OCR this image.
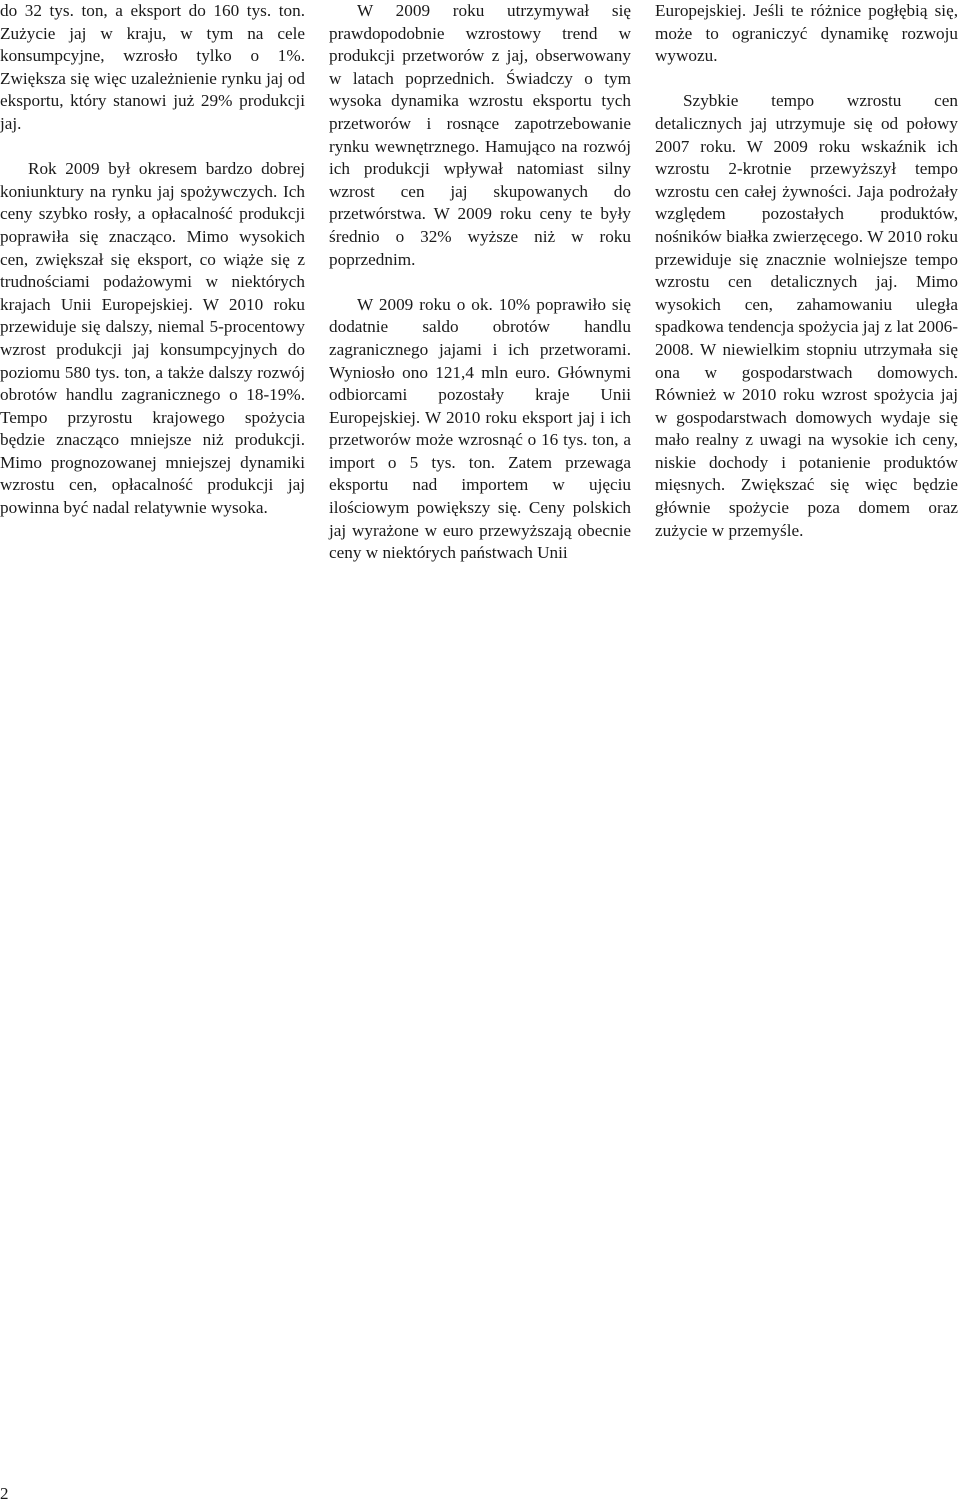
do 32 tys. ton, a eksport do 160 tys. ton. Zużycie jaj w kraju, w tym na cele konsumpcyjne, wzrosło tylko o 1%. Zwiększa się więc uzależnienie rynku jaj od eksportu, który stanowi już 29% produkcji jaj.

Rok 2009 był okresem bardzo dobrej koniunktury na rynku jaj spożywczych. Ich ceny szybko rosły, a opłacalność produkcji poprawiła się znacząco. Mimo wysokich cen, zwiększał się eksport, co wiąże się z trudnościami podażowymi w niektórych krajach Unii Europejskiej. W 2010 roku przewiduje się dalszy, niemal 5-procentowy wzrost produkcji jaj konsumpcyjnych do poziomu 580 tys. ton, a także dalszy rozwój obrotów handlu zagranicznego o 18-19%. Tempo przyrostu krajowego spożycia będzie znacząco mniejsze niż produkcji. Mimo prognozowanej mniejszej dynamiki wzrostu cen, opłacalność produkcji jaj powinna być nadal relatywnie wysoka.

W 2009 roku utrzymywał się prawdopodobnie wzrostowy trend w produkcji przetworów z jaj, obserwowany w latach poprzednich. Świadczy o tym wysoka dynamika wzrostu eksportu tych przetworów i rosnące zapotrzebowanie rynku wewnętrznego. Hamująco na rozwój ich produkcji wpływał natomiast silny wzrost cen jaj skupowanych do przetwórstwa. W 2009 roku ceny te były średnio o 32% wyższe niż w roku poprzednim.

W 2009 roku o ok. 10% poprawiło się dodatnie saldo obrotów handlu zagranicznego jajami i ich przetworami. Wyniosło ono 121,4 mln euro. Głównymi odbiorcami pozostały kraje Unii Europejskiej. W 2010 roku eksport jaj i ich przetworów może wzrosnąć o 16 tys. ton, a import o 5 tys. ton. Zatem przewaga eksportu nad importem w ujęciu ilościowym powiększy się. Ceny polskich jaj wyrażone w euro przewyższają obecnie ceny w niektórych państwach Unii

Europejskiej. Jeśli te różnice pogłębią się, może to ograniczyć dynamikę rozwoju wywozu.

Szybkie tempo wzrostu cen detalicznych jaj utrzymuje się od połowy 2007 roku. W 2009 roku wskaźnik ich wzrostu 2-krotnie przewyższył tempo wzrostu cen całej żywności. Jaja podrożały względem pozostałych produktów, nośników białka zwierzęcego. W 2010 roku przewiduje się znacznie wolniejsze tempo wzrostu cen detalicznych jaj. Mimo wysokich cen, zahamowaniu uległa spadkowa tendencja spożycia jaj z lat 2006-2008. W niewielkim stopniu utrzymała się ona w gospodarstwach domowych. Również w 2010 roku wzrost spożycia jaj w gospodarstwach domowych wydaje się mało realny z uwagi na wysokie ich ceny, niskie dochody i potanienie produktów mięsnych. Zwiększać się więc będzie głównie spożycie poza domem oraz zużycie w przemyśle.

2
